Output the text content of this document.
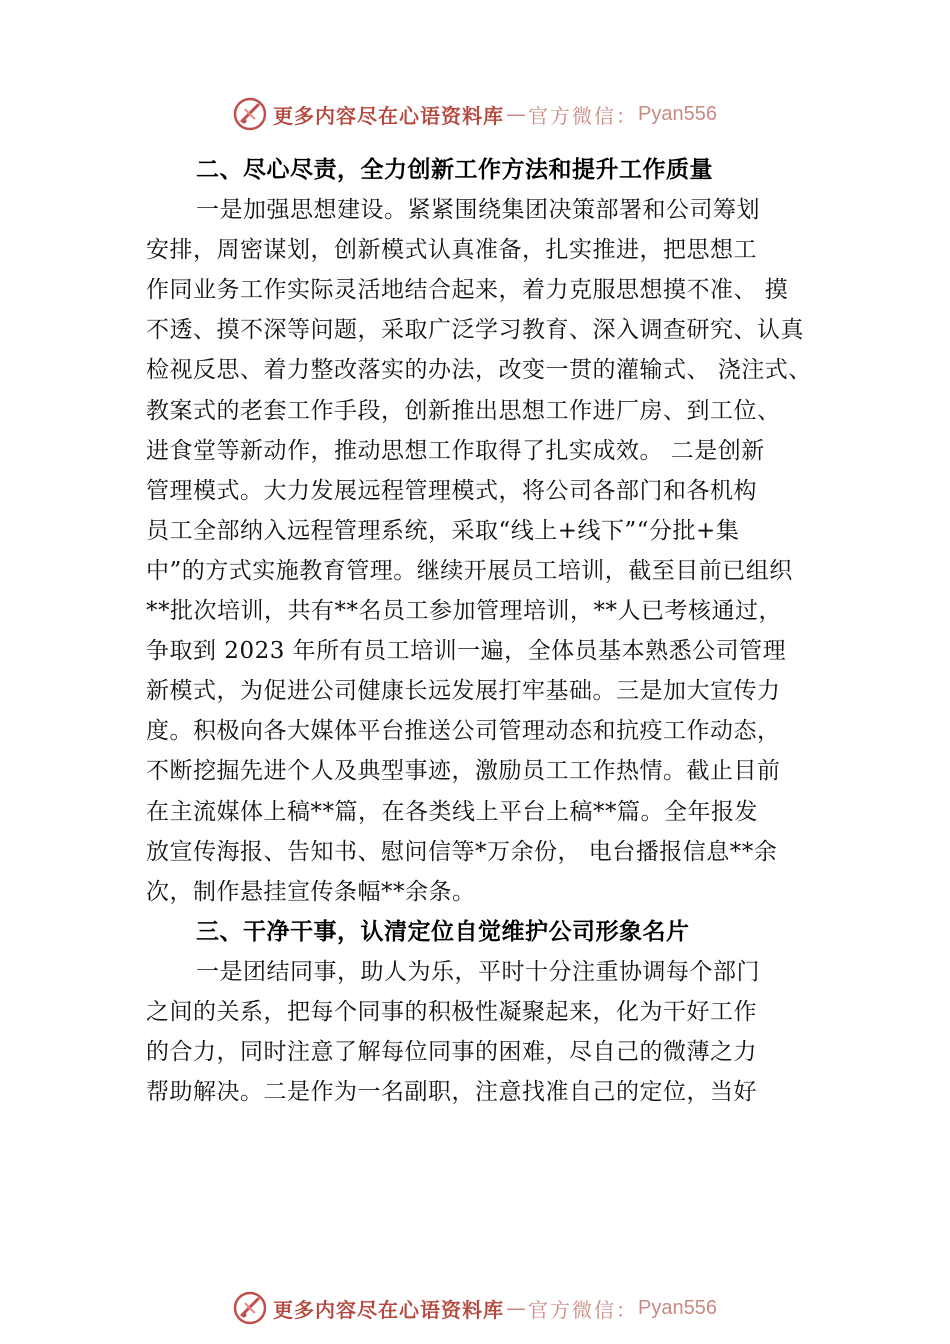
更多内容尽在心语资料库 — 官方微信： Pyan556
二、尽心尽责，全力创新工作方法和提升工作质量
一是加强思想建设。紧紧围绕集团决策部署和公司筹划
安排，周密谋划，创新模式认真准备，扎实推进，把思想工
作同业务工作实际灵活地结合起来，着力克服思想摸不准、 摸
不透、摸不深等问题，采取广泛学习教育、深入调查研究、认真
检视反思、着力整改落实的办法，改变一贯的灌输式、 浇注式、
教案式的老套工作手段，创新推出思想工作进厂房、到工位、
进食堂等新动作，推动思想工作取得了扎实成效。 二是创新
管理模式。大力发展远程管理模式，将公司各部门和各机构
员工全部纳入远程管理系统，采取“线上+线下”“分批+集
中”的方式实施教育管理。继续开展员工培训，截至目前已组织
**批次培训，共有**名员工参加管理培训，**人已考核通过，
争取到 2023 年所有员工培训一遍，全体员基本熟悉公司管理
新模式，为促进公司健康长远发展打牢基础。三是加大宣传力
度。积极向各大媒体平台推送公司管理动态和抗疫工作动态，
不断挖掘先进个人及典型事迹，激励员工工作热情。截止目前
在主流媒体上稿**篇，在各类线上平台上稿**篇。全年报发
放宣传海报、告知书、慰问信等*万余份， 电台播报信息**余
次，制作悬挂宣传条幅**余条。
三、干净干事，认清定位自觉维护公司形象名片
一是团结同事，助人为乐，平时十分注重协调每个部门
之间的关系，把每个同事的积极性凝聚起来，化为干好工作
的合力，同时注意了解每位同事的困难，尽自己的微薄之力
帮助解决。二是作为一名副职，注意找准自己的定位，当好
更多内容尽在心语资料库 — 官方微信： Pyan556
